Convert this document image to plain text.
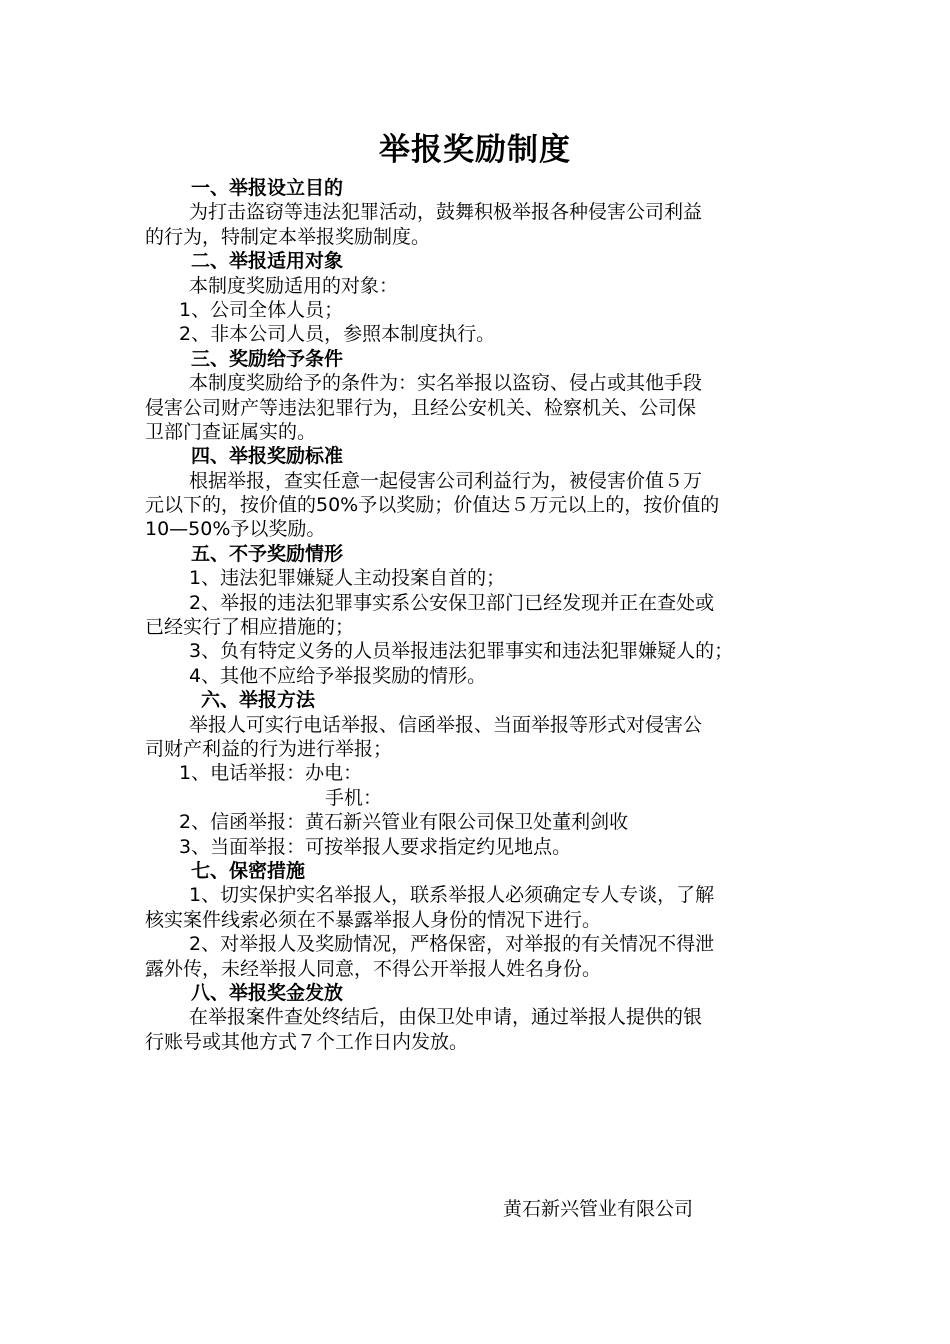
举报奖励制度
一、举报设立目的
为打击盗窃等违法犯罪活动，鼓舞积极举报各种侵害公司利益
的行为，特制定本举报奖励制度。
二、举报适用对象
本制度奖励适用的对象：
1、公司全体人员；
2、非本公司人员，参照本制度执行。
三、奖励给予条件
本制度奖励给予的条件为：实名举报以盗窃、侵占或其他手段
侵害公司财产等违法犯罪行为，且经公安机关、检察机关、公司保
卫部门查证属实的。
四、举报奖励标准
根据举报，查实任意一起侵害公司利益行为，被侵害价值５万
元以下的，按价值的50%予以奖励；价值达５万元以上的，按价值的
10—50%予以奖励。
五、不予奖励情形
1、违法犯罪嫌疑人主动投案自首的；
2、举报的违法犯罪事实系公安保卫部门已经发现并正在查处或
已经实行了相应措施的；
3、负有特定义务的人员举报违法犯罪事实和违法犯罪嫌疑人的；
4、其他不应给予举报奖励的情形。
六、举报方法
举报人可实行电话举报、信函举报、当面举报等形式对侵害公
司财产利益的行为进行举报；
1、电话举报：办电：
手机：
2、信函举报：黄石新兴管业有限公司保卫处董利剑收
3、当面举报：可按举报人要求指定约见地点。
七、保密措施
1、切实保护实名举报人，联系举报人必须确定专人专谈，了解
核实案件线索必须在不暴露举报人身份的情况下进行。
2、对举报人及奖励情况，严格保密，对举报的有关情况不得泄
露外传，未经举报人同意，不得公开举报人姓名身份。
八、举报奖金发放
在举报案件查处终结后，由保卫处申请，通过举报人提供的银
行账号或其他方式７个工作日内发放。
黄石新兴管业有限公司
